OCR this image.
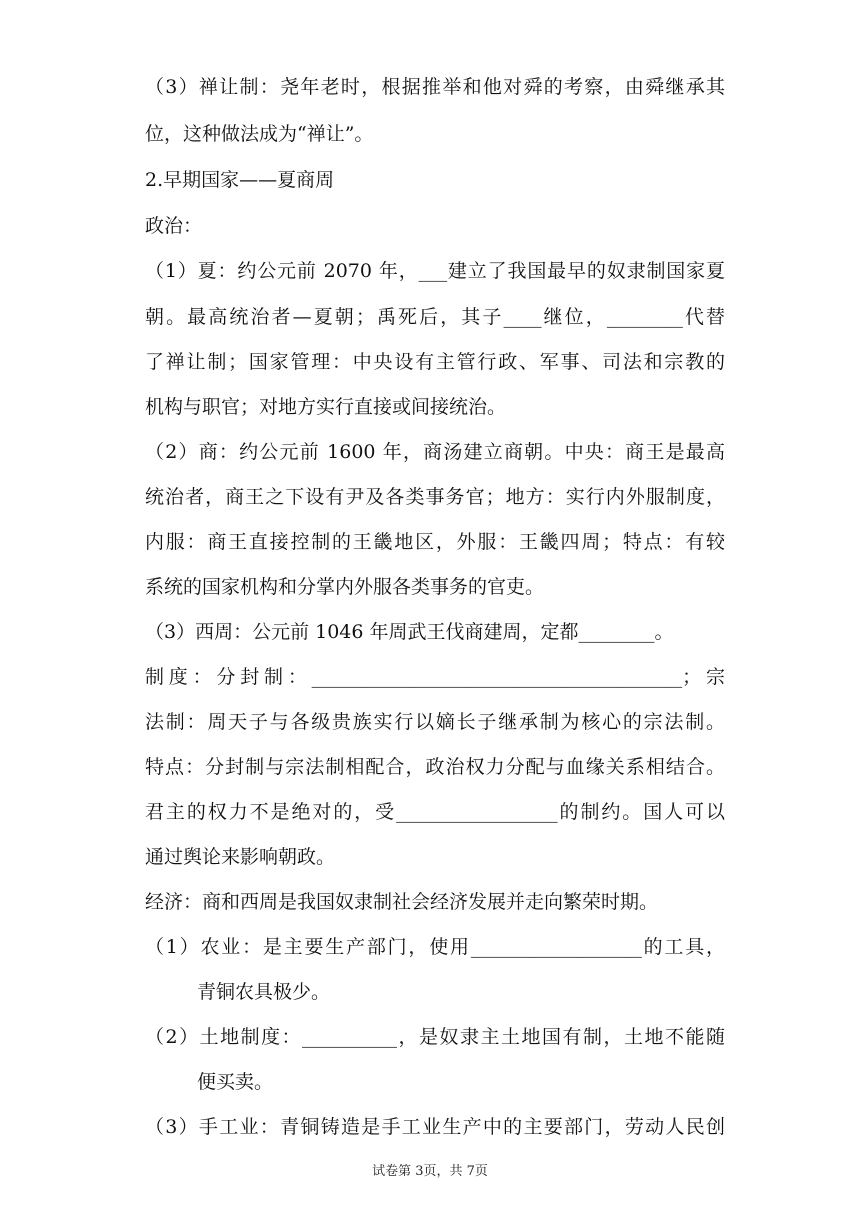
（3）禅让制：尧年老时，根据推举和他对舜的考察，由舜继承其
位，这种做法成为“禅让”。
2.早期国家——夏商周
政治：
（1）夏：约公元前 2070 年，___建立了我国最早的奴隶制国家夏
朝。最高统治者—夏朝；禹死后，其子____继位，________代替
了禅让制；国家管理：中央设有主管行政、军事、司法和宗教的
机构与职官；对地方实行直接或间接统治。
（2）商：约公元前 1600 年，商汤建立商朝。中央：商王是最高
统治者，商王之下设有尹及各类事务官；地方：实行内外服制度，
内服：商王直接控制的王畿地区，外服：王畿四周；特点：有较
系统的国家机构和分掌内外服各类事务的官吏。
（3）西周：公元前 1046 年周武王伐商建周，定都________。
制度：分封制：_______________________________________；宗
法制：周天子与各级贵族实行以嫡长子继承制为核心的宗法制。
特点：分封制与宗法制相配合，政治权力分配与血缘关系相结合。
君主的权力不是绝对的，受_________________的制约。国人可以
通过舆论来影响朝政。
经济：商和西周是我国奴隶制社会经济发展并走向繁荣时期。
（1）农业：是主要生产部门，使用__________________的工具，
青铜农具极少。
（2）土地制度：__________，是奴隶主土地国有制，土地不能随
便买卖。
（3）手工业：青铜铸造是手工业生产中的主要部门，劳动人民创
试卷第 3页，共 7页
